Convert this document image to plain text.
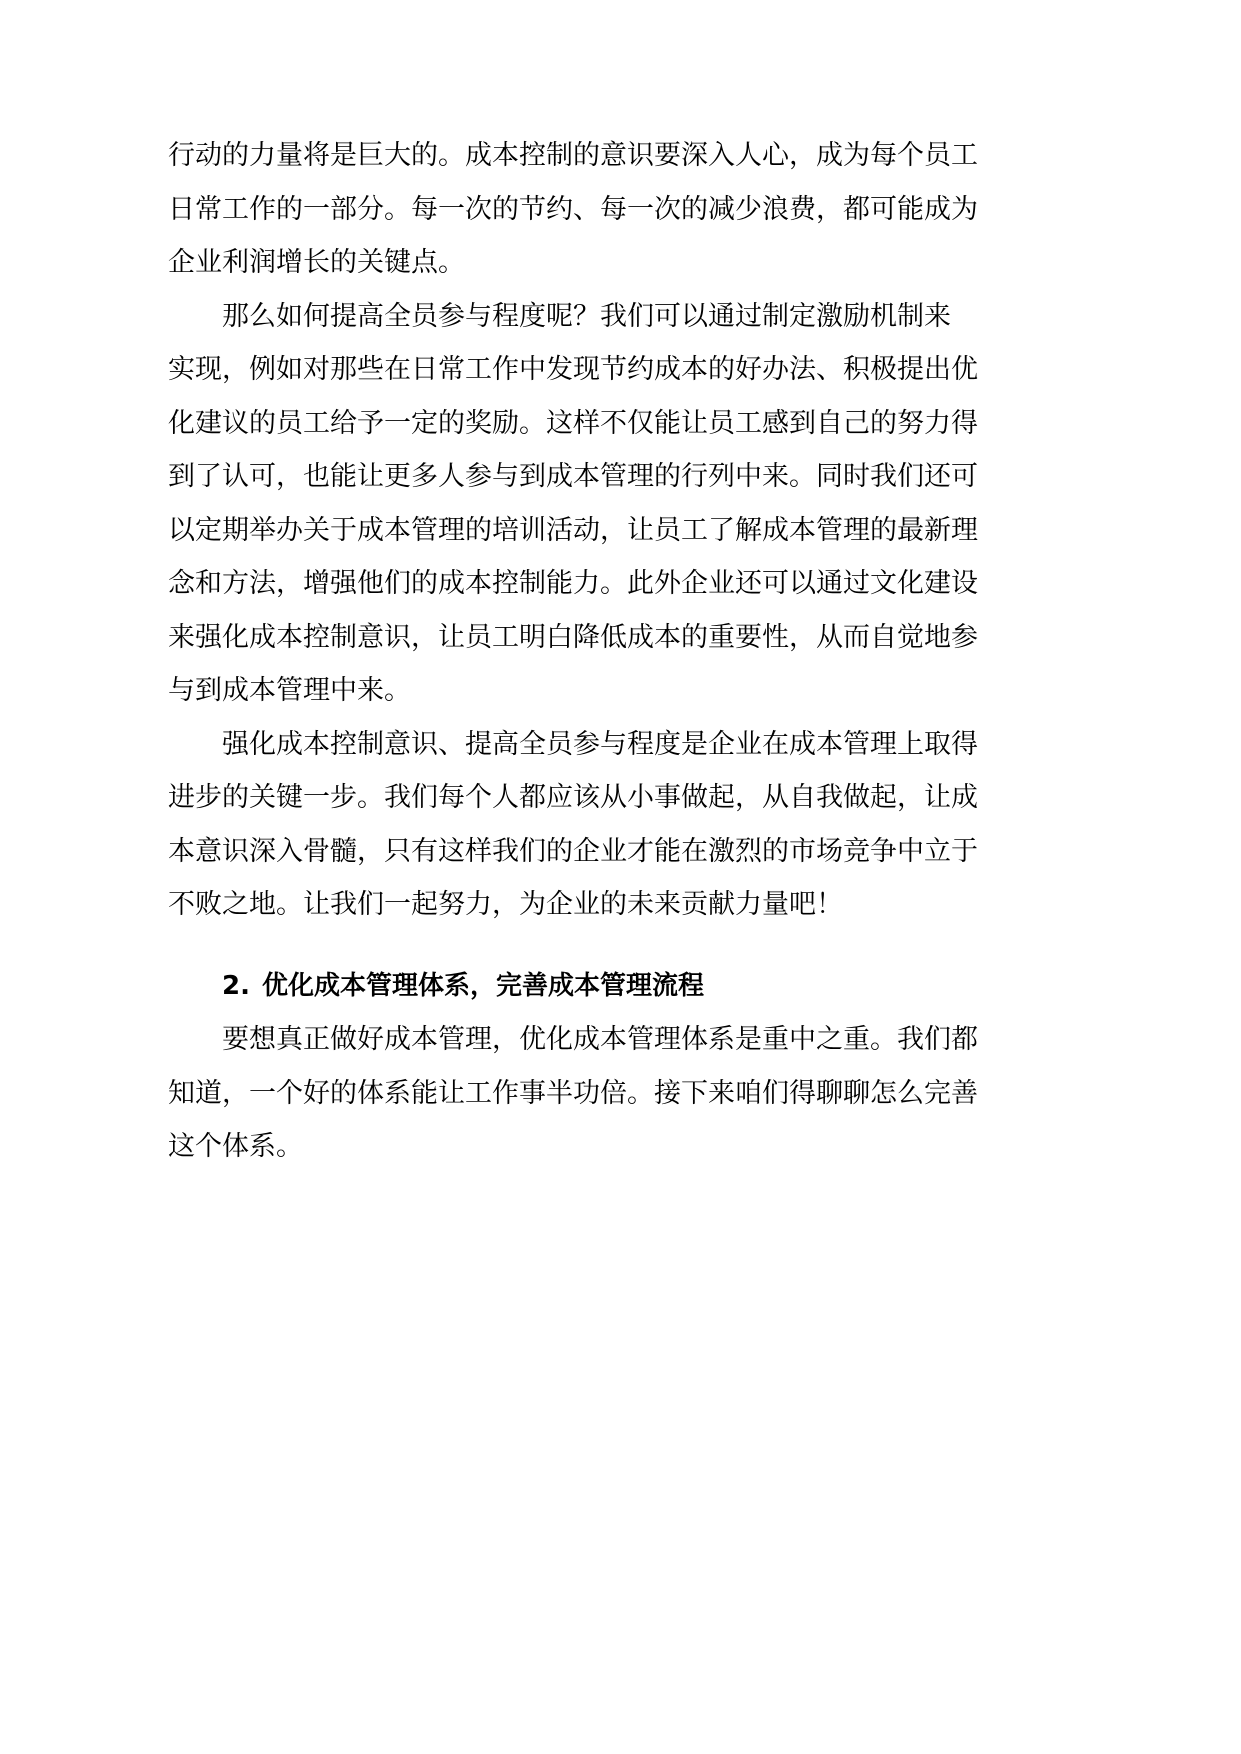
行动的力量将是巨大的。成本控制的意识要深入人心，成为每个员工
日常工作的一部分。每一次的节约、每一次的减少浪费，都可能成为
企业利润增长的关键点。

那么如何提高全员参与程度呢？我们可以通过制定激励机制来
实现，例如对那些在日常工作中发现节约成本的好办法、积极提出优
化建议的员工给予一定的奖励。这样不仅能让员工感到自己的努力得
到了认可，也能让更多人参与到成本管理的行列中来。同时我们还可
以定期举办关于成本管理的培训活动，让员工了解成本管理的最新理
念和方法，增强他们的成本控制能力。此外企业还可以通过文化建设
来强化成本控制意识，让员工明白降低成本的重要性，从而自觉地参
与到成本管理中来。

强化成本控制意识、提高全员参与程度是企业在成本管理上取得
进步的关键一步。我们每个人都应该从小事做起，从自我做起，让成
本意识深入骨髓，只有这样我们的企业才能在激烈的市场竞争中立于
不败之地。让我们一起努力，为企业的未来贡献力量吧！

2. 优化成本管理体系，完善成本管理流程

要想真正做好成本管理，优化成本管理体系是重中之重。我们都
知道，一个好的体系能让工作事半功倍。接下来咱们得聊聊怎么完善
这个体系。
